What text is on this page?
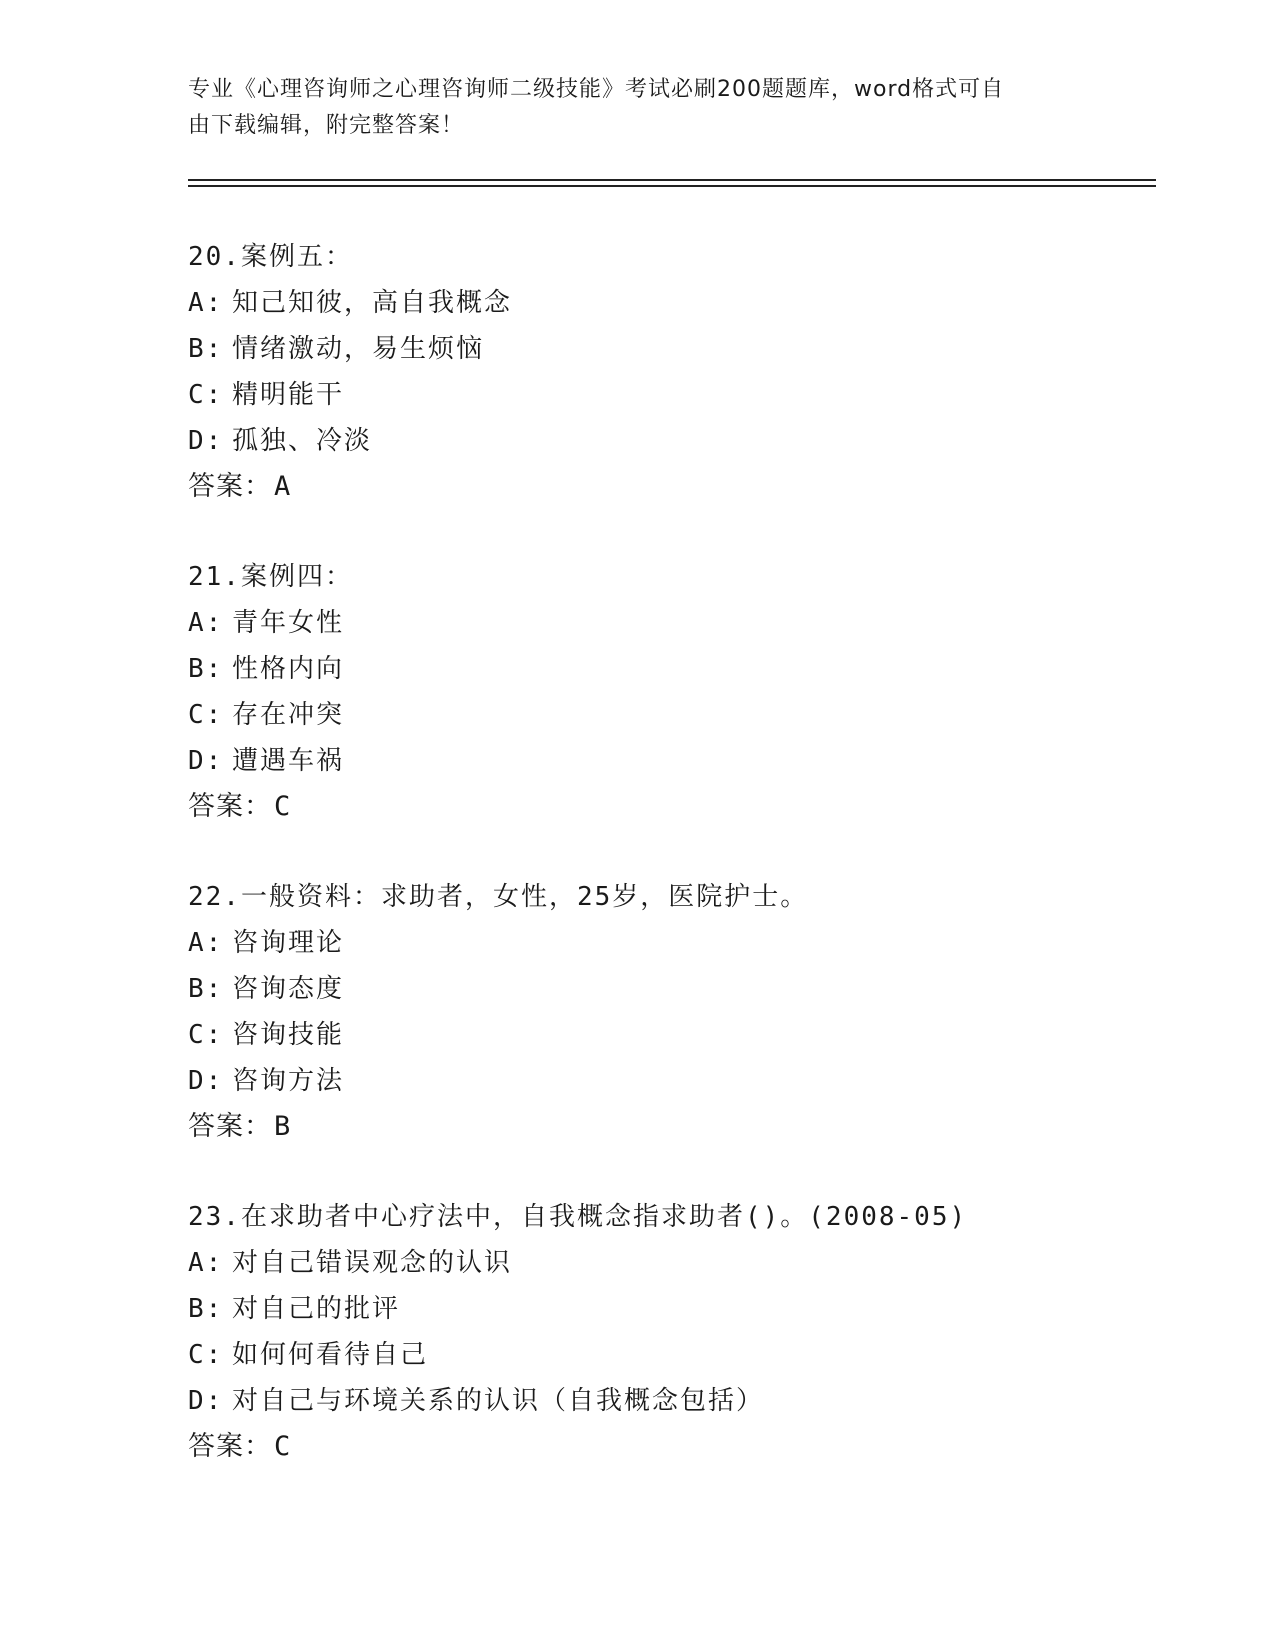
专业《心理咨询师之心理咨询师二级技能》考试必刷200题题库，word格式可自
由下载编辑，附完整答案！
20.案例五：
A: 知己知彼，高自我概念
B: 情绪激动，易生烦恼
C: 精明能干
D: 孤独、冷淡
答案：A
21.案例四：
A: 青年女性
B: 性格内向
C: 存在冲突
D: 遭遇车祸
答案：C
22.一般资料：求助者，女性，25岁，医院护士。
A: 咨询理论
B: 咨询态度
C: 咨询技能
D: 咨询方法
答案：B
23.在求助者中心疗法中，自我概念指求助者()。(2008-05)
A: 对自己错误观念的认识
B: 对自己的批评
C: 如何何看待自己
D: 对自己与环境关系的认识（自我概念包括）
答案：C
